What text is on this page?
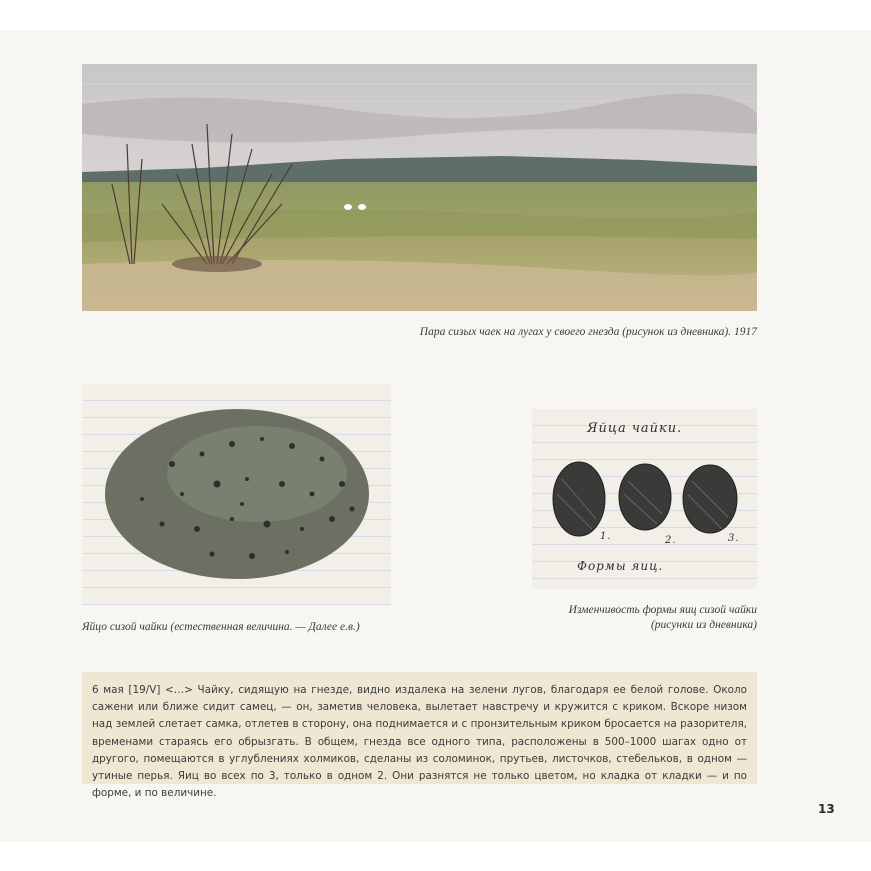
Пара сизых чаек на лугах у своего гнезда (рисунок из дневника). 1917
Яйцо сизой чайки (естественная величина. — Далее е.в.)
Яйца чайки.
1.	2.	3.
Формы яиц.
Изменчивость формы яиц сизой чайки
(рисунки из дневника)
6 мая [19/V] <…> Чайку, сидящую на гнезде, видно издалека на зелени лугов, благодаря ее белой голове. Около сажени или ближе сидит самец, — он, заметив человека, вылетает навстречу и кружится с криком. Вскоре низом над землей слетает самка, отлетев в сторону, она поднимается и с пронзительным криком бросается на разорителя, временами стараясь его обрызгать. В общем, гнезда все одного типа, расположены в 500–1000 шагах одно от другого, помещаются в углублениях холмиков, сделаны из соломинок, прутьев, листочков, стебельков, в одном — утиные перья. Яиц во всех по 3, только в одном 2. Они разнятся не только цветом, но кладка от кладки — и по форме, и по величине.
13
